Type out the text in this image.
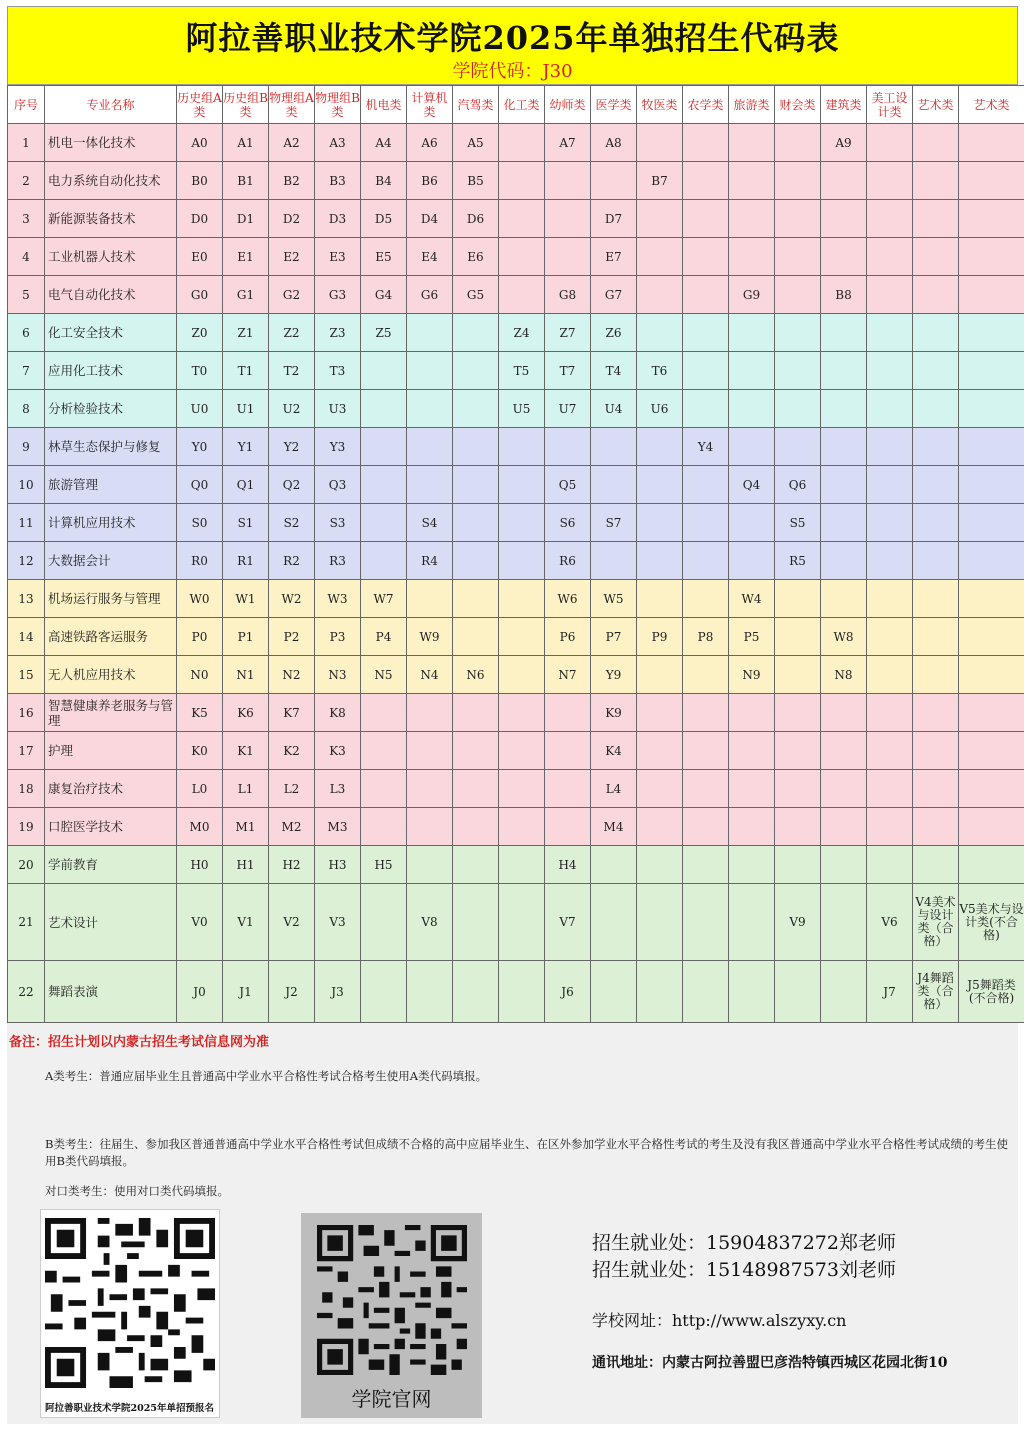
阿拉善职业技术学院2025年单独招生代码表
学院代码：J30
序号	专业名称	历史组A类	历史组B类	物理组A类	物理组B类	机电类	计算机类	汽驾类	化工类	幼师类	医学类	牧医类	农学类	旅游类	财会类	建筑类	美工设计类	艺术类	艺术类
1	机电一体化技术	A0	A1	A2	A3	A4	A6	A5		A7	A8					A9			
2	电力系统自动化技术	B0	B1	B2	B3	B4	B6	B5				B7							
3	新能源装备技术	D0	D1	D2	D3	D5	D4	D6			D7								
4	工业机器人技术	E0	E1	E2	E3	E5	E4	E6			E7								
5	电气自动化技术	G0	G1	G2	G3	G4	G6	G5		G8	G7			G9		B8			
6	化工安全技术	Z0	Z1	Z2	Z3	Z5			Z4	Z7	Z6								
7	应用化工技术	T0	T1	T2	T3				T5	T7	T4	T6							
8	分析检验技术	U0	U1	U2	U3				U5	U7	U4	U6							
9	林草生态保护与修复	Y0	Y1	Y2	Y3								Y4						
10	旅游管理	Q0	Q1	Q2	Q3					Q5				Q4	Q6				
11	计算机应用技术	S0	S1	S2	S3		S4			S6	S7				S5				
12	大数据会计	R0	R1	R2	R3		R4			R6					R5				
13	机场运行服务与管理	W0	W1	W2	W3	W7				W6	W5			W4					
14	高速铁路客运服务	P0	P1	P2	P3	P4	W9			P6	P7	P9	P8	P5		W8			
15	无人机应用技术	N0	N1	N2	N3	N5	N4	N6		N7	Y9			N9		N8			
16	智慧健康养老服务与管理	K5	K6	K7	K8						K9								
17	护理	K0	K1	K2	K3						K4								
18	康复治疗技术	L0	L1	L2	L3						L4								
19	口腔医学技术	M0	M1	M2	M3						M4								
20	学前教育	H0	H1	H2	H3	H5				H4									
21	艺术设计	V0	V1	V2	V3		V8			V7					V9		V6	V4美术与设计类（合格）	V5美术与设计类(不合格)
22	舞蹈表演	J0	J1	J2	J3					J6							J7	J4舞蹈类（合格）	J5舞蹈类(不合格)
备注：招生计划以内蒙古招生考试信息网为准
A类考生：普通应届毕业生且普通高中学业水平合格性考试合格考生使用A类代码填报。
B类考生：往届生、参加我区普通普通高中学业水平合格性考试但成绩不合格的高中应届毕业生、在区外参加学业水平合格性考试的考生及没有我区普通高中学业水平合格性考试成绩的考生使用B类代码填报。
对口类考生：使用对口类代码填报。
阿拉善职业技术学院2025年单招预报名	学院官网
招生就业处：15904837272郑老师
招生就业处：15148987573刘老师
学校网址：http://www.alszyxy.cn
通讯地址：内蒙古阿拉善盟巴彦浩特镇西城区花园北街10
